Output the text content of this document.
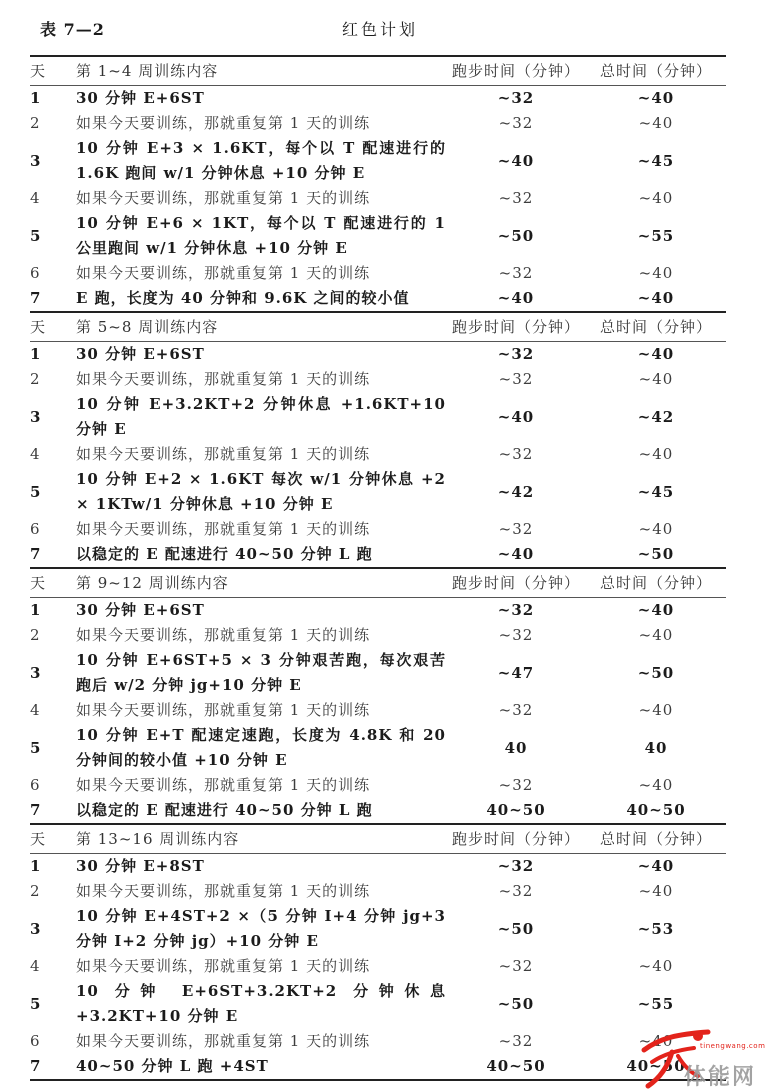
表 7—2	红色计划
天	第 1~4 周训练内容	跑步时间（分钟）	总时间（分钟）
1	30 分钟 E+6ST	~32	~40
2	如果今天要训练，那就重复第 1 天的训练	~32	~40
3	10 分钟 E+3 × 1.6KT，每个以 T 配速进行的 1.6K 跑间 w/1 分钟休息 +10 分钟 E	~40	~45
4	如果今天要训练，那就重复第 1 天的训练	~32	~40
5	10 分钟 E+6 × 1KT，每个以 T 配速进行的 1 公里跑间 w/1 分钟休息 +10 分钟 E	~50	~55
6	如果今天要训练，那就重复第 1 天的训练	~32	~40
7	E 跑，长度为 40 分钟和 9.6K 之间的较小值	~40	~40
天	第 5~8 周训练内容	跑步时间（分钟）	总时间（分钟）
1	30 分钟 E+6ST	~32	~40
2	如果今天要训练，那就重复第 1 天的训练	~32	~40
3	10 分钟 E+3.2KT+2 分钟休息 +1.6KT+10 分钟 E	~40	~42
4	如果今天要训练，那就重复第 1 天的训练	~32	~40
5	10 分钟 E+2 × 1.6KT 每次 w/1 分钟休息 +2 × 1KTw/1 分钟休息 +10 分钟 E	~42	~45
6	如果今天要训练，那就重复第 1 天的训练	~32	~40
7	以稳定的 E 配速进行 40~50 分钟 L 跑	~40	~50
天	第 9~12 周训练内容	跑步时间（分钟）	总时间（分钟）
1	30 分钟 E+6ST	~32	~40
2	如果今天要训练，那就重复第 1 天的训练	~32	~40
3	10 分钟 E+6ST+5 × 3 分钟艰苦跑，每次艰苦跑后 w/2 分钟 jg+10 分钟 E	~47	~50
4	如果今天要训练，那就重复第 1 天的训练	~32	~40
5	10 分钟 E+T 配速定速跑，长度为 4.8K 和 20 分钟间的较小值 +10 分钟 E	40	40
6	如果今天要训练，那就重复第 1 天的训练	~32	~40
7	以稳定的 E 配速进行 40~50 分钟 L 跑	40~50	40~50
天	第 13~16 周训练内容	跑步时间（分钟）	总时间（分钟）
1	30 分钟 E+8ST	~32	~40
2	如果今天要训练，那就重复第 1 天的训练	~32	~40
3	10 分钟 E+4ST+2 ×（5 分钟 I+4 分钟 jg+3 分钟 I+2 分钟 jg）+10 分钟 E	~50	~53
4	如果今天要训练，那就重复第 1 天的训练	~32	~40
5	10 分钟 E+6ST+3.2KT+2 分钟休息 +3.2KT+10 分钟 E	~50	~55
6	如果今天要训练，那就重复第 1 天的训练	~32	~40
7	40~50 分钟 L 跑 +4ST	40~50	40~50
tinengwang.com
体能网
